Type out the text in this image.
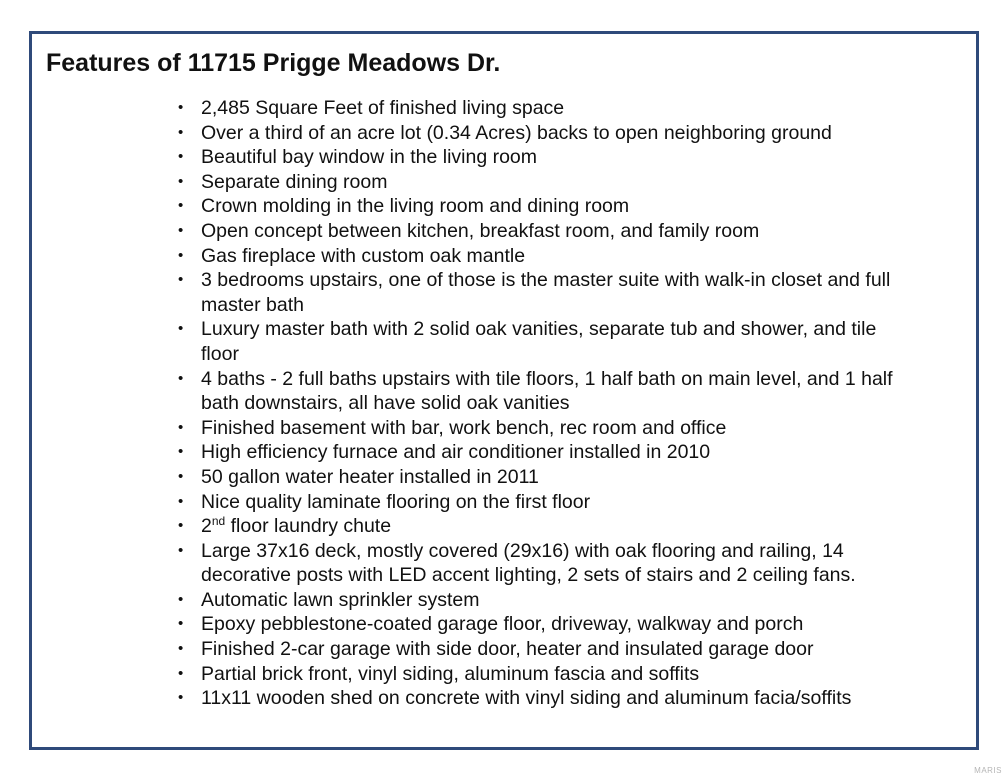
Features of 11715 Prigge Meadows Dr.
• 2,485 Square Feet of finished living space
• Over a third of an acre lot (0.34 Acres) backs to open neighboring ground
• Beautiful bay window in the living room
• Separate dining room
• Crown molding in the living room and dining room
• Open concept between kitchen, breakfast room, and family room
• Gas fireplace with custom oak mantle
• 3 bedrooms upstairs, one of those is the master suite with walk-in closet and full master bath
• Luxury master bath with 2 solid oak vanities, separate tub and shower, and tile floor
• 4 baths - 2 full baths upstairs with tile floors, 1 half bath on main level, and 1 half bath downstairs, all have solid oak vanities
• Finished basement with bar, work bench, rec room and office
• High efficiency furnace and air conditioner installed in 2010
• 50 gallon water heater installed in 2011
• Nice quality laminate flooring on the first floor
• 2nd floor laundry chute
• Large 37x16 deck, mostly covered (29x16) with oak flooring and railing, 14 decorative posts with LED accent lighting, 2 sets of stairs and 2 ceiling fans.
• Automatic lawn sprinkler system
• Epoxy pebblestone-coated garage floor, driveway, walkway and porch
• Finished 2-car garage with side door, heater and insulated garage door
• Partial brick front, vinyl siding, aluminum fascia and soffits
• 11x11 wooden shed on concrete with vinyl siding and aluminum facia/soffits
MARIS
